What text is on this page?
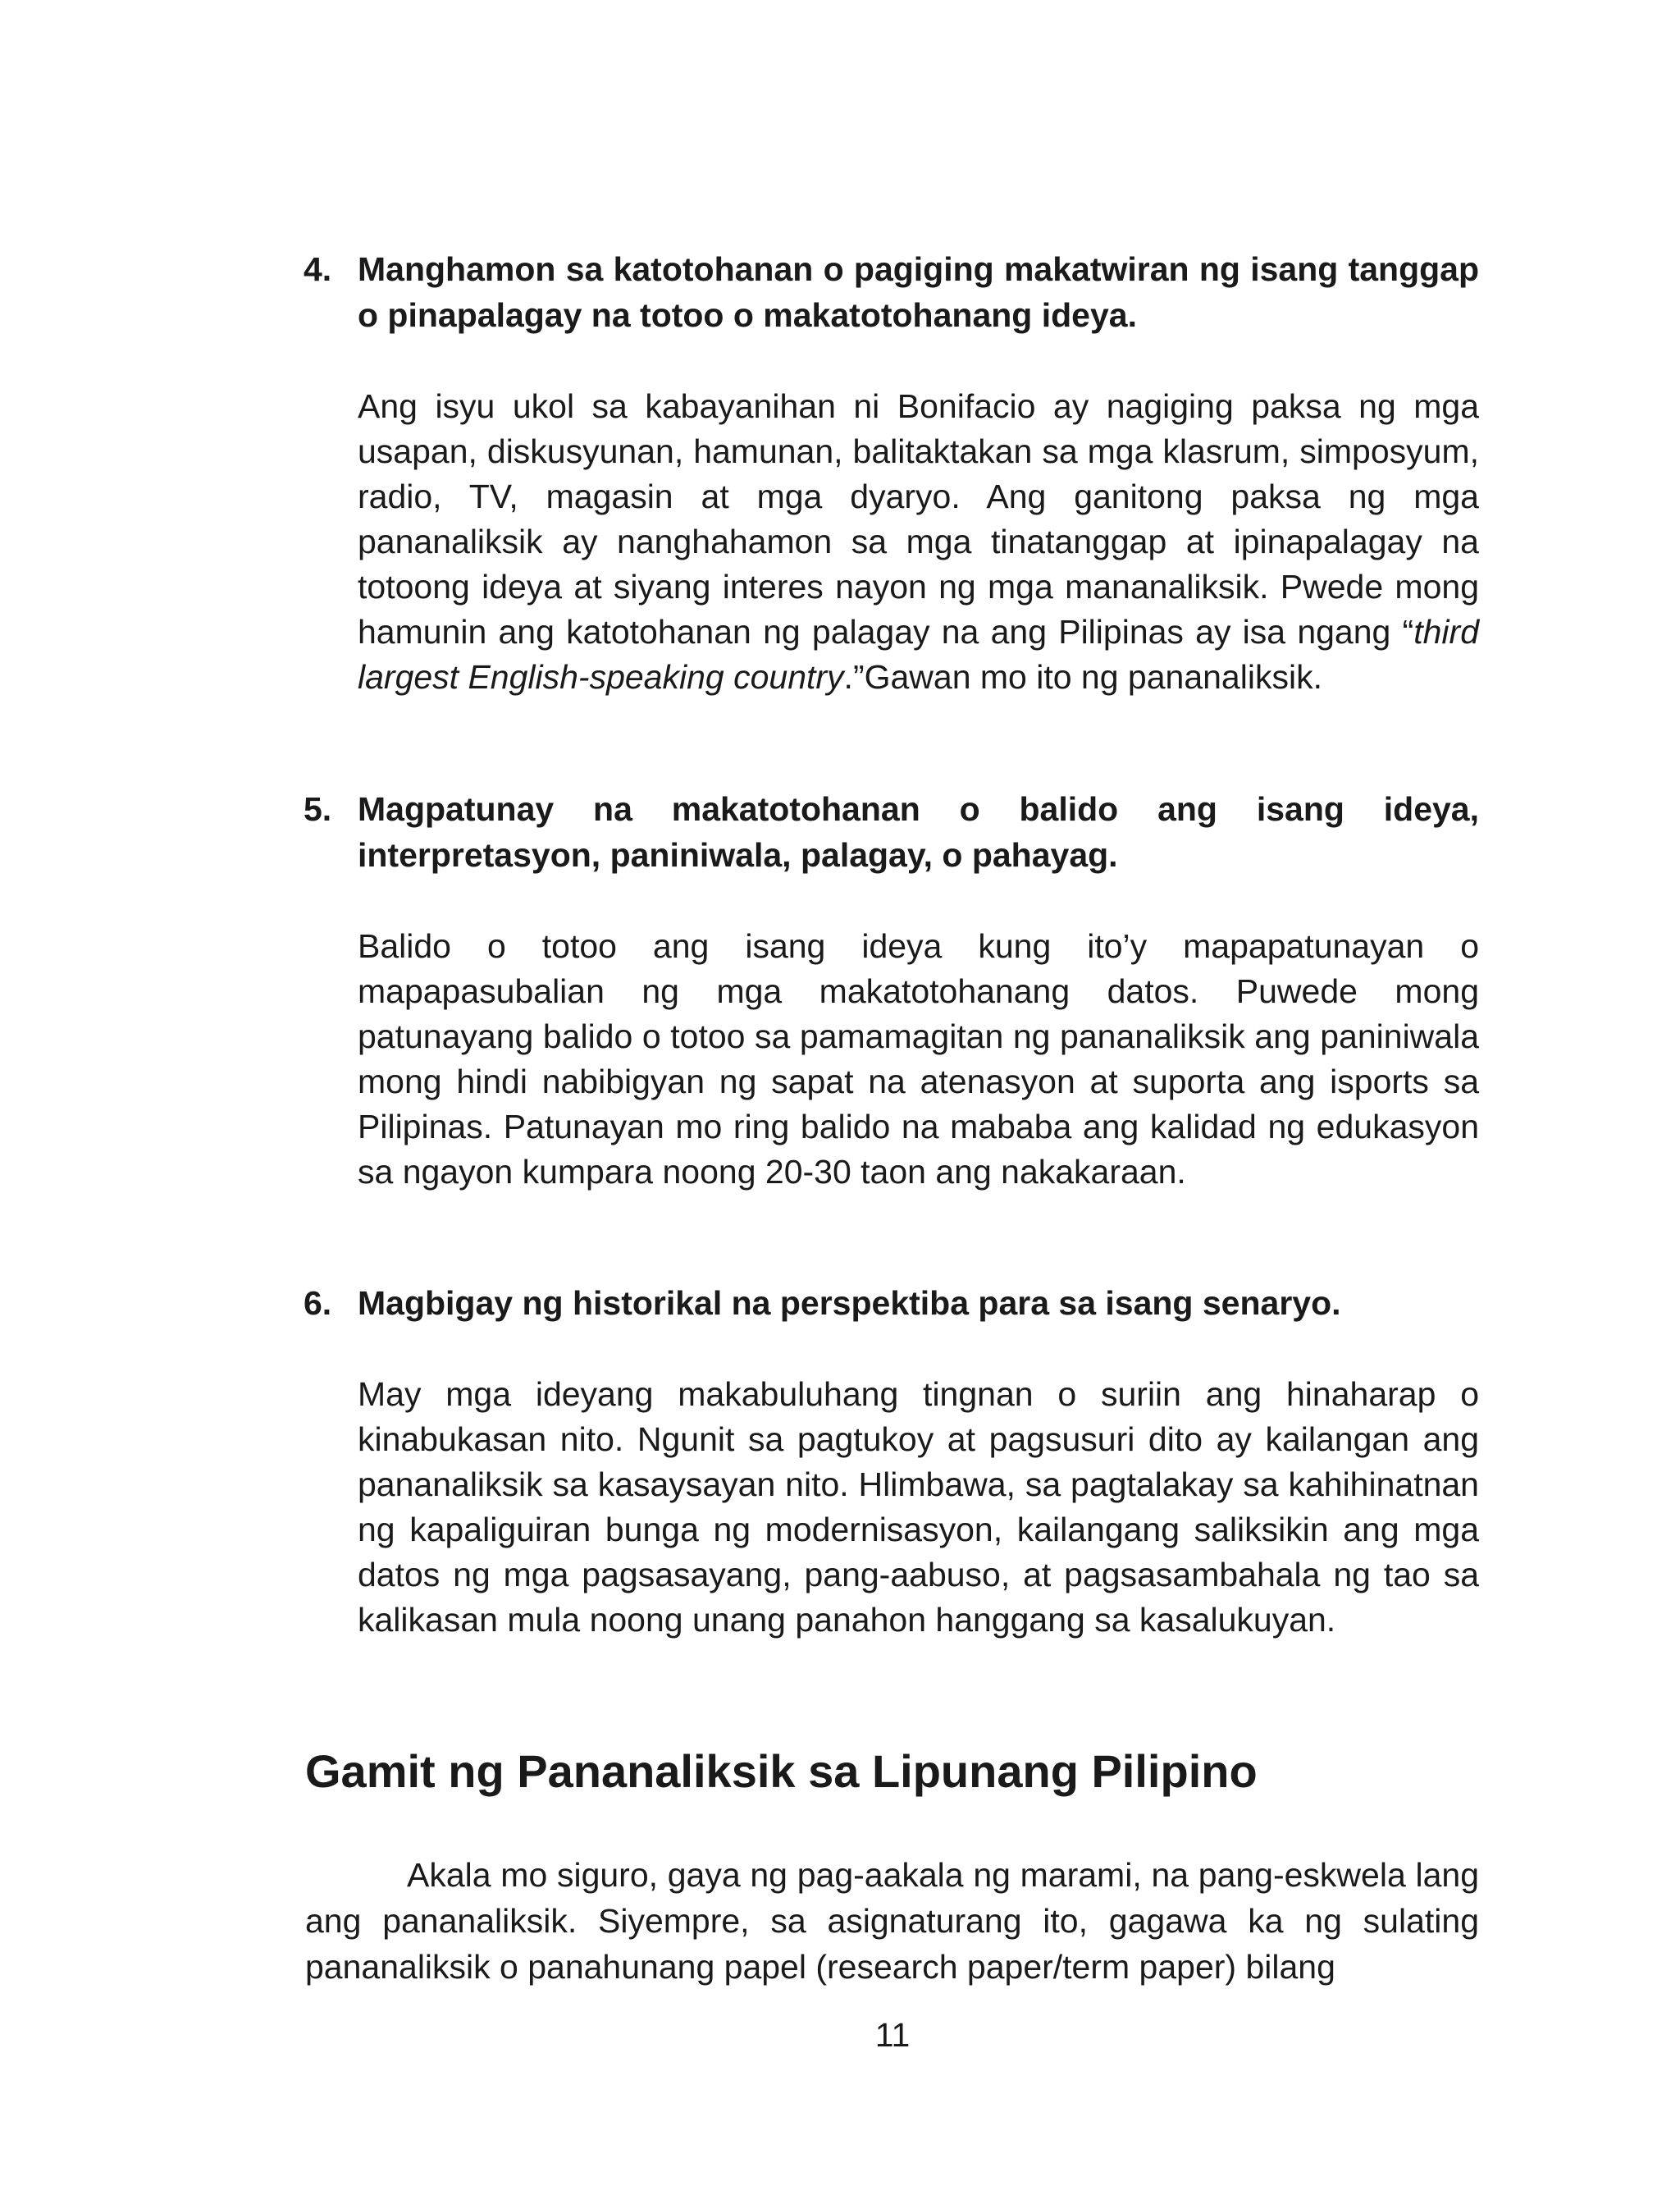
4. Manghamon sa katotohanan o pagiging makatwiran ng isang tanggap o pinapalagay na totoo o makatotohanang ideya.

Ang isyu ukol sa kabayanihan ni Bonifacio ay nagiging paksa ng mga usapan, diskusyunan, hamunan, balitaktakan sa mga klasrum, simposyum, radio, TV, magasin at mga dyaryo. Ang ganitong paksa ng mga pananaliksik ay nanghahamon sa mga tinatanggap at ipinapalagay na totoong ideya at siyang interes nayon ng mga mananaliksik. Pwede mong hamunin ang katotohanan ng palagay na ang Pilipinas ay isa ngang “third largest English-speaking country.”Gawan mo ito ng pananaliksik.

5. Magpatunay na makatotohanan o balido ang isang ideya, interpretasyon, paniniwala, palagay, o pahayag.

Balido o totoo ang isang ideya kung ito’y mapapatunayan o mapapasubalian ng mga makatotohanang datos. Puwede mong patunayang balido o totoo sa pamamagitan ng pananaliksik ang paniniwala mong hindi nabibigyan ng sapat na atenasyon at suporta ang isports sa Pilipinas. Patunayan mo ring balido na mababa ang kalidad ng edukasyon sa ngayon kumpara noong 20-30 taon ang nakakaraan.

6. Magbigay ng historikal na perspektiba para sa isang senaryo.

May mga ideyang makabuluhang tingnan o suriin ang hinaharap o kinabukasan nito. Ngunit sa pagtukoy at pagsusuri dito ay kailangan ang pananaliksik sa kasaysayan nito. Hlimbawa, sa pagtalakay sa kahihinatnan ng kapaliguiran bunga ng modernisasyon, kailangang saliksikin ang mga datos ng mga pagsasayang, pang-aabuso, at pagsasambahala ng tao sa kalikasan mula noong unang panahon hanggang sa kasalukuyan.

Gamit ng Pananaliksik sa Lipunang Pilipino

Akala mo siguro, gaya ng pag-aakala ng marami, na pang-eskwela lang ang pananaliksik. Siyempre, sa asignaturang ito, gagawa ka ng sulating pananaliksik o panahunang papel (research paper/term paper) bilang

11
